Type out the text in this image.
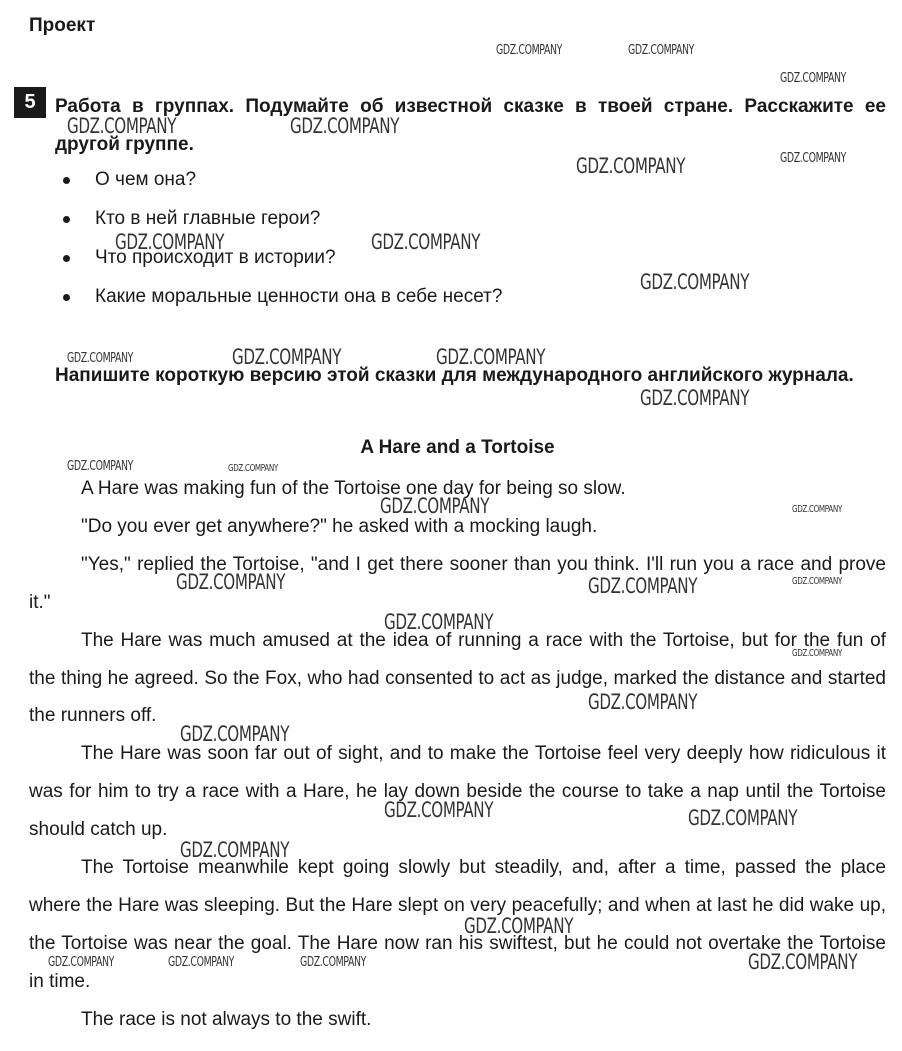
Проект
5	Работа в группах. Подумайте об известной сказке в твоей стране. Расскажите ее другой группе.
О чем она?
Кто в ней главные герои?
Что происходит в истории?
Какие моральные ценности она в себе несет?
Напишите короткую версию этой сказки для международного английского журнала.
A Hare and a Tortoise

A Hare was making fun of the Tortoise one day for being so slow.

"Do you ever get anywhere?" he asked with a mocking laugh.

"Yes," replied the Tortoise, "and I get there sooner than you think. I'll run you a race and prove it."

The Hare was much amused at the idea of running a race with the Tortoise, but for the fun of the thing he agreed. So the Fox, who had consented to act as judge, marked the distance and started the runners off.

The Hare was soon far out of sight, and to make the Tortoise feel very deeply how ridiculous it was for him to try a race with a Hare, he lay down beside the course to take a nap until the Tortoise should catch up.

The Tortoise meanwhile kept going slowly but steadily, and, after a time, passed the place where the Hare was sleeping. But the Hare slept on very peacefully; and when at last he did wake up, the Tortoise was near the goal. The Hare now ran his swiftest, but he could not overtake the Tortoise in time.

The race is not always to the swift.

GDZ.COMPANY	GDZ.COMPANY
GDZ.COMPANY
GDZ.COMPANY	GDZ.COMPANY
GDZ.COMPANY
GDZ.COMPANY
GDZ.COMPANY	GDZ.COMPANY
GDZ.COMPANY
GDZ.COMPANY	GDZ.COMPANY	GDZ.COMPANY
GDZ.COMPANY
GDZ.COMPANY	GDZ.COMPANY
GDZ.COMPANY	GDZ.COMPANY
GDZ.COMPANY	GDZ.COMPANY	GDZ.COMPANY
GDZ.COMPANY
GDZ.COMPANY
GDZ.COMPANY
GDZ.COMPANY
GDZ.COMPANY	GDZ.COMPANY
GDZ.COMPANY
GDZ.COMPANY
GDZ.COMPANY	GDZ.COMPANY	GDZ.COMPANY	GDZ.COMPANY
